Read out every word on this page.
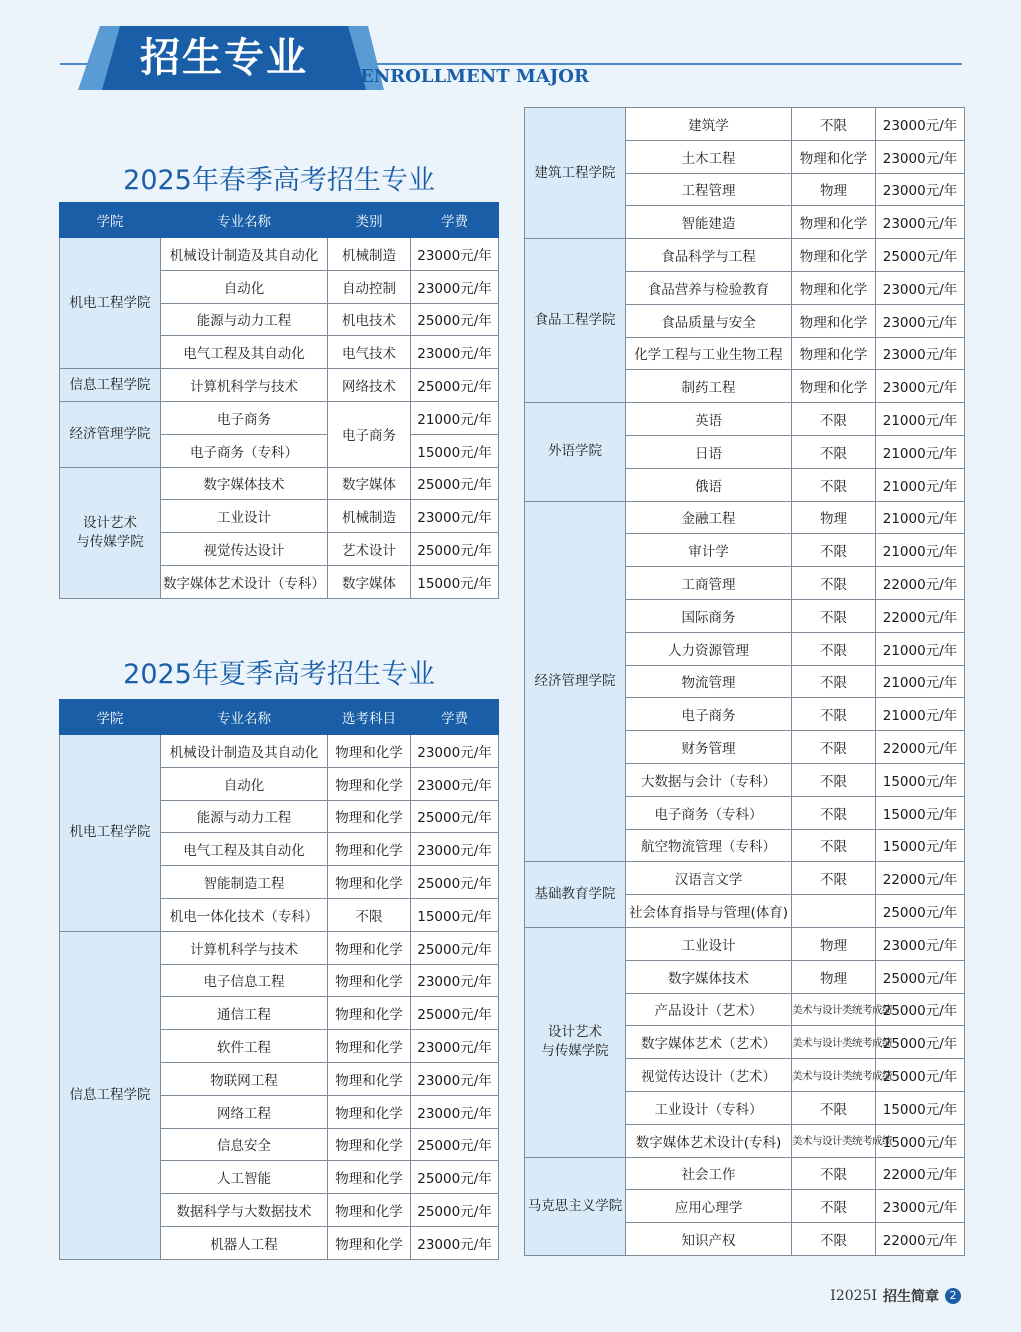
招生专业	ENROLLMENT MAJOR
2025年春季高考招生专业
学院	专业名称	类别	学费
机电工程学院	机械设计制造及其自动化	机械制造	23000元/年
	自动化	自动控制	23000元/年
	能源与动力工程	机电技术	25000元/年
	电气工程及其自动化	电气技术	23000元/年
信息工程学院	计算机科学与技术	网络技术	25000元/年
经济管理学院	电子商务	电子商务	21000元/年
	电子商务（专科）		15000元/年
设计艺术
与传媒学院	数字媒体技术	数字媒体	25000元/年
	工业设计	机械制造	23000元/年
	视觉传达设计	艺术设计	25000元/年
	数字媒体艺术设计（专科）	数字媒体	15000元/年
2025年夏季高考招生专业
学院	专业名称	选考科目	学费
机电工程学院	机械设计制造及其自动化	物理和化学	23000元/年
	自动化	物理和化学	23000元/年
	能源与动力工程	物理和化学	25000元/年
	电气工程及其自动化	物理和化学	23000元/年
	智能制造工程	物理和化学	25000元/年
	机电一体化技术（专科）	不限	15000元/年
信息工程学院	计算机科学与技术	物理和化学	25000元/年
	电子信息工程	物理和化学	23000元/年
	通信工程	物理和化学	25000元/年
	软件工程	物理和化学	23000元/年
	物联网工程	物理和化学	23000元/年
	网络工程	物理和化学	23000元/年
	信息安全	物理和化学	25000元/年
	人工智能	物理和化学	25000元/年
	数据科学与大数据技术	物理和化学	25000元/年
	机器人工程	物理和化学	23000元/年
建筑工程学院	建筑学	不限	23000元/年
	土木工程	物理和化学	23000元/年
	工程管理	物理	23000元/年
	智能建造	物理和化学	23000元/年
食品工程学院	食品科学与工程	物理和化学	25000元/年
	食品营养与检验教育	物理和化学	23000元/年
	食品质量与安全	物理和化学	23000元/年
	化学工程与工业生物工程	物理和化学	23000元/年
	制药工程	物理和化学	23000元/年
外语学院	英语	不限	21000元/年
	日语	不限	21000元/年
	俄语	不限	21000元/年
经济管理学院	金融工程	物理	21000元/年
	审计学	不限	21000元/年
	工商管理	不限	22000元/年
	国际商务	不限	22000元/年
	人力资源管理	不限	21000元/年
	物流管理	不限	21000元/年
	电子商务	不限	21000元/年
	财务管理	不限	22000元/年
	大数据与会计（专科）	不限	15000元/年
	电子商务（专科）	不限	15000元/年
	航空物流管理（专科）	不限	15000元/年
基础教育学院	汉语言文学	不限	22000元/年
	社会体育指导与管理(体育)		25000元/年
设计艺术
与传媒学院	工业设计	物理	23000元/年
	数字媒体技术	物理	25000元/年
	产品设计（艺术）	美术与设计类统考成绩	25000元/年
	数字媒体艺术（艺术）	美术与设计类统考成绩	25000元/年
	视觉传达设计（艺术）	美术与设计类统考成绩	25000元/年
	工业设计（专科）	不限	15000元/年
	数字媒体艺术设计(专科)	美术与设计类统考成绩	15000元/年
马克思主义学院	社会工作	不限	22000元/年
	应用心理学	不限	23000元/年
	知识产权	不限	22000元/年
I2025I 招生简章 2
